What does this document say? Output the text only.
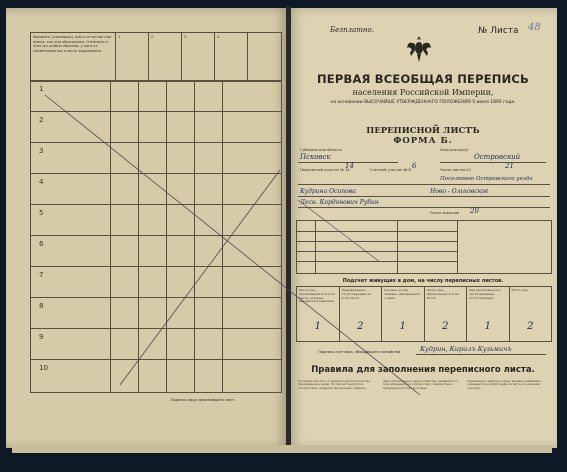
Фамилия, (прозвище), имя и отчество или имена, как они обозначены. Отмечено в этих же особом образом, у кого из поименованных в листе родившиеся
1	2	3	4
1
2
3
4
5
6
7
8
9
10
Подпись лица заполнившего лист.
Безплатно.	№ Листа 48
ПЕРВАЯ ВСЕОБЩАЯ ПЕРЕПИСЬ
населения Российской Империи,
на основании ВЫСОЧАЙШЕ УТВЕРЖДЕННАГО ПОЛОЖЕНИЯ 5 июня 1895 года.
ПЕРЕПИСНОЙ ЛИСТЪ
ФОРМА Б.
Губерния или область
Псковск
Уезд или округ
Островский
Переписной участок № 14	Счетный участок № 6	Число листов 21
14	6	21
Поселковое Островского уезда
Кудрина Осипова	Ново - Ольховское
Лесн. Кордонович Рубин
Число жильцов 20
Подсчет живущих в дом, на числу переписных листов.
Число лиц, прописавшихся в этом листе, которые находятся в переписи
1
Лица временно отсутствующие на этом листе
2
Сколько из них человек, находящихся с ними
1
Число лиц, прописанных в этом листе
2
Лиц прописанных в листе временно отсутствующих
1
Итого лиц
2
Подпись счетчика, обходившего хозяйства	Кудрин, Кирилъ Кузьмичъ
Правила для заполнения переписного листа.
На переписной лист, по форме Б, вносятся всех лиц, проживающих в домах. На тем лист вносятся в соответствии с разделом прописанных отдельно.
Лица, прописанные в одном хозяйстве, независимо от пола, вписываются в соответствии с ведомостью о принадлежности каждого лица.
Примечания и заметки о лицах, временно выбывших, указываются в особой графе и в листе, по указанию счетчика.
